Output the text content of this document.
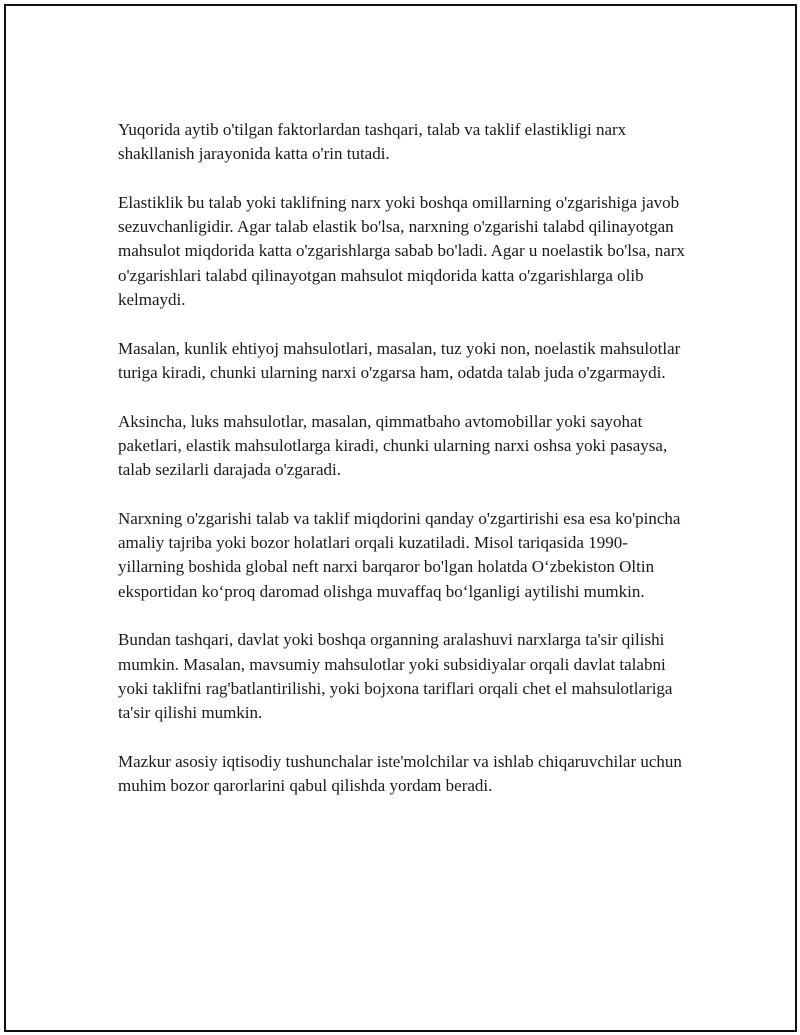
Yuqorida aytib o'tilgan faktorlardan tashqari, talab va taklif elastikligi narx shakllanish jarayonida katta o'rin tutadi.

Elastiklik bu talab yoki taklifning narx yoki boshqa omillarning o'zgarishiga javob sezuvchanligidir. Agar talab elastik bo'lsa, narxning o'zgarishi talabd qilinayotgan mahsulot miqdorida katta o'zgarishlarga sabab bo'ladi. Agar u noelastik bo'lsa, narx o'zgarishlari talabd qilinayotgan mahsulot miqdorida katta o'zgarishlarga olib kelmaydi.

Masalan, kunlik ehtiyoj mahsulotlari, masalan, tuz yoki non, noelastik mahsulotlar turiga kiradi, chunki ularning narxi o'zgarsa ham, odatda talab juda o'zgarmaydi.

Aksincha, luks mahsulotlar, masalan, qimmatbaho avtomobillar yoki sayohat paketlari, elastik mahsulotlarga kiradi, chunki ularning narxi oshsa yoki pasaysa, talab sezilarli darajada o'zgaradi.

Narxning o'zgarishi talab va taklif miqdorini qanday o'zgartirishi esa esa ko'pincha amaliy tajriba yoki bozor holatlari orqali kuzatiladi. Misol tariqasida 1990-yillarning boshida global neft narxi barqaror bo'lgan holatda O‘zbekiston Oltin eksportidan ko‘proq daromad olishga muvaffaq bo‘lganligi aytilishi mumkin.

Bundan tashqari, davlat yoki boshqa organning aralashuvi narxlarga ta'sir qilishi mumkin. Masalan, mavsumiy mahsulotlar yoki subsidiyalar orqali davlat talabni yoki taklifni rag'batlantirilishi, yoki bojxona tariflari orqali chet el mahsulotlariga ta'sir qilishi mumkin.

Mazkur asosiy iqtisodiy tushunchalar iste'molchilar va ishlab chiqaruvchilar uchun muhim bozor qarorlarini qabul qilishda yordam beradi.
